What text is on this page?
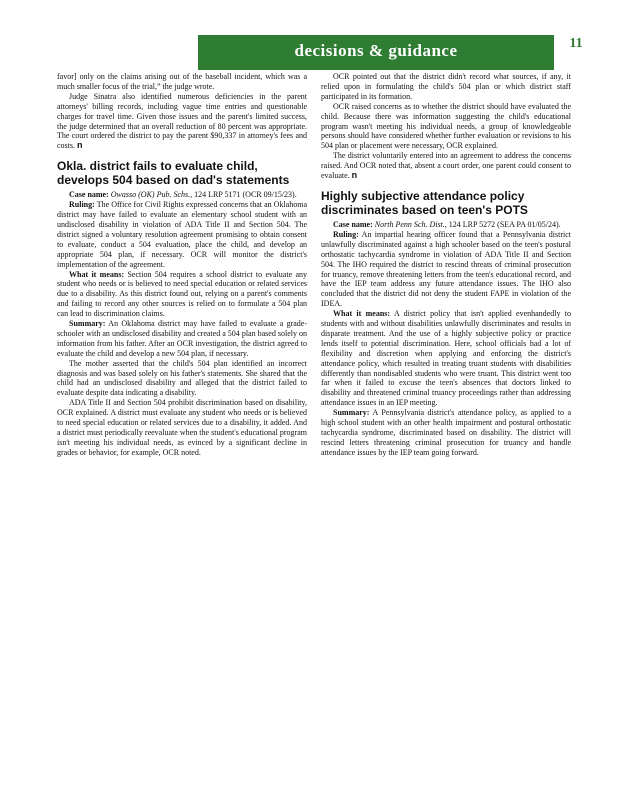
decisions & guidance	11

favor] only on the claims arising out of the baseball incident, which was a much smaller focus of the trial,” the judge wrote.

Judge Sinatra also identified numerous deficiencies in the parent attorneys' billing records, including vague time entries and questionable charges for travel time. Given those issues and the parent's limited success, the judge determined that an overall reduction of 80 percent was appropriate. The court ordered the district to pay the parent $90,337 in attorney's fees and costs. n

Okla. district fails to evaluate child, develops 504 based on dad's statements

Case name: Owasso (OK) Pub. Schs., 124 LRP 5171 (OCR 09/15/23).

Ruling: The Office for Civil Rights expressed concerns that an Oklahoma district may have failed to evaluate an elementary school student with an undisclosed disability in violation of ADA Title II and Section 504. The district signed a voluntary resolution agreement promising to obtain consent to evaluate, conduct a 504 evaluation, place the child, and develop an appropriate 504 plan, if necessary. OCR will monitor the district's implementation of the agreement.

What it means: Section 504 requires a school district to evaluate any student who needs or is believed to need special education or related services due to a disability. As this district found out, relying on a parent's comments and failing to record any other sources is relied on to formulate a 504 plan can lead to discrimination claims.

Summary: An Oklahoma district may have failed to evaluate a grade-schooler with an undisclosed disability and created a 504 plan based solely on information from his father. After an OCR investigation, the district agreed to evaluate the child and develop a new 504 plan, if necessary.

The mother asserted that the child's 504 plan identified an incorrect diagnosis and was based solely on his father's statements. She shared that the child had an undisclosed disability and alleged that the district failed to evaluate despite data indicating a disability.

ADA Title II and Section 504 prohibit discrimination based on disability, OCR explained. A district must evaluate any student who needs or is believed to need special education or related services due to a disability, it added. And a district must periodically reevaluate when the student's educational program isn't meeting his individual needs, as evinced by a significant decline in grades or behavior, for example, OCR noted.

OCR pointed out that the district didn't record what sources, if any, it relied upon in formulating the child's 504 plan or which district staff participated in its formation.

OCR raised concerns as to whether the district should have evaluated the child. Because there was information suggesting the child's educational program wasn't meeting his individual needs, a group of knowledgeable persons should have considered whether further evaluation or revisions to his 504 plan or placement were necessary, OCR explained.

The district voluntarily entered into an agreement to address the concerns raised. And OCR noted that, absent a court order, one parent could consent to evaluate. n

Highly subjective attendance policy discriminates based on teen's POTS

Case name: North Penn Sch. Dist., 124 LRP 5272 (SEA PA 01/05/24).

Ruling: An impartial hearing officer found that a Pennsylvania district unlawfully discriminated against a high schooler based on the teen's postural orthostatic tachycardia syndrome in violation of ADA Title II and Section 504. The IHO required the district to rescind threats of criminal prosecution for truancy, remove threatening letters from the teen's educational record, and have the IEP team address any future attendance issues. The IHO also concluded that the district did not deny the student FAPE in violation of the IDEA.

What it means: A district policy that isn't applied evenhandedly to students with and without disabilities unlawfully discriminates and results in disparate treatment. And the use of a highly subjective policy or practice lends itself to potential discrimination. Here, school officials had a lot of flexibility and discretion when applying and enforcing the district's attendance policy, which resulted in treating truant students with disabilities differently than nondisabled students who were truant. This district went too far when it failed to excuse the teen's absences that doctors linked to disability and threatened criminal truancy proceedings rather than addressing attendance issues in an IEP meeting.

Summary: A Pennsylvania district's attendance policy, as applied to a high school student with an other health impairment and postural orthostatic tachycardia syndrome, discriminated based on disability. The district will rescind letters threatening criminal prosecution for truancy and handle attendance issues by the IEP team going forward.
